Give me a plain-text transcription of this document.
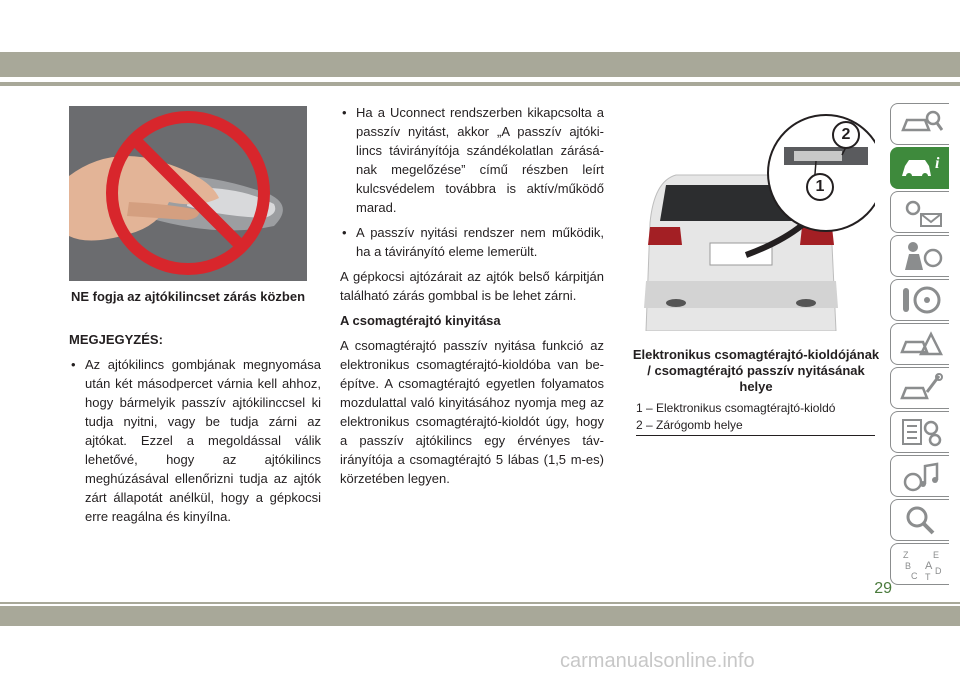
NE fogja az ajtókilincset zárás közben
MEGJEGYZÉS:
• Az ajtókilincs gombjának megnyomása után két másodpercet várnia kell ahhoz, hogy bármelyik passzív ajtókilinccsel ki tudja nyitni, vagy be tudja zárni az ajtókat. Ezzel a megoldással válik lehetővé, hogy az ajtókilincs meghúzásával ellenőrizni tudja az ajtók zárt állapotát anélkül, hogy a gépkocsi erre reagálna és kinyílna.
• Ha a Uconnect rendszerben kikapcsolta a passzív nyitást, akkor „A passzív ajtóki-lincs távirányítója szándékolatlan zárásá-nak megelőzése” című részben leírt kulcsvédelem továbbra is aktív/működő marad.
• A passzív nyitási rendszer nem működik, ha a távirányító eleme lemerült.

A gépkocsi ajtózárait az ajtók belső kárpitján található zárás gombbal is be lehet zárni.

A csomagtérajtó kinyitása

A csomagtérajtó passzív nyitása funkció az elektronikus csomagtérajtó-kioldóba van be-építve. A csomagtérajtó egyetlen folyamatos mozdulattal való kinyitásához nyomja meg az elektronikus csomagtérajtó-kioldót úgy, hogy a passzív ajtókilincs egy érvényes táv-irányítója a csomagtérajtó 5 lábas (1,5 m-es) körzetében legyen.

1
2
Elektronikus csomagtérajtó-kioldójának / csomagtérajtó passzív nyitásának helye
1 – Elektronikus csomagtérajtó-kioldó
2 – Zárógomb helye
i
Z	E
B A
C D
T
29
carmanualsonline.info
